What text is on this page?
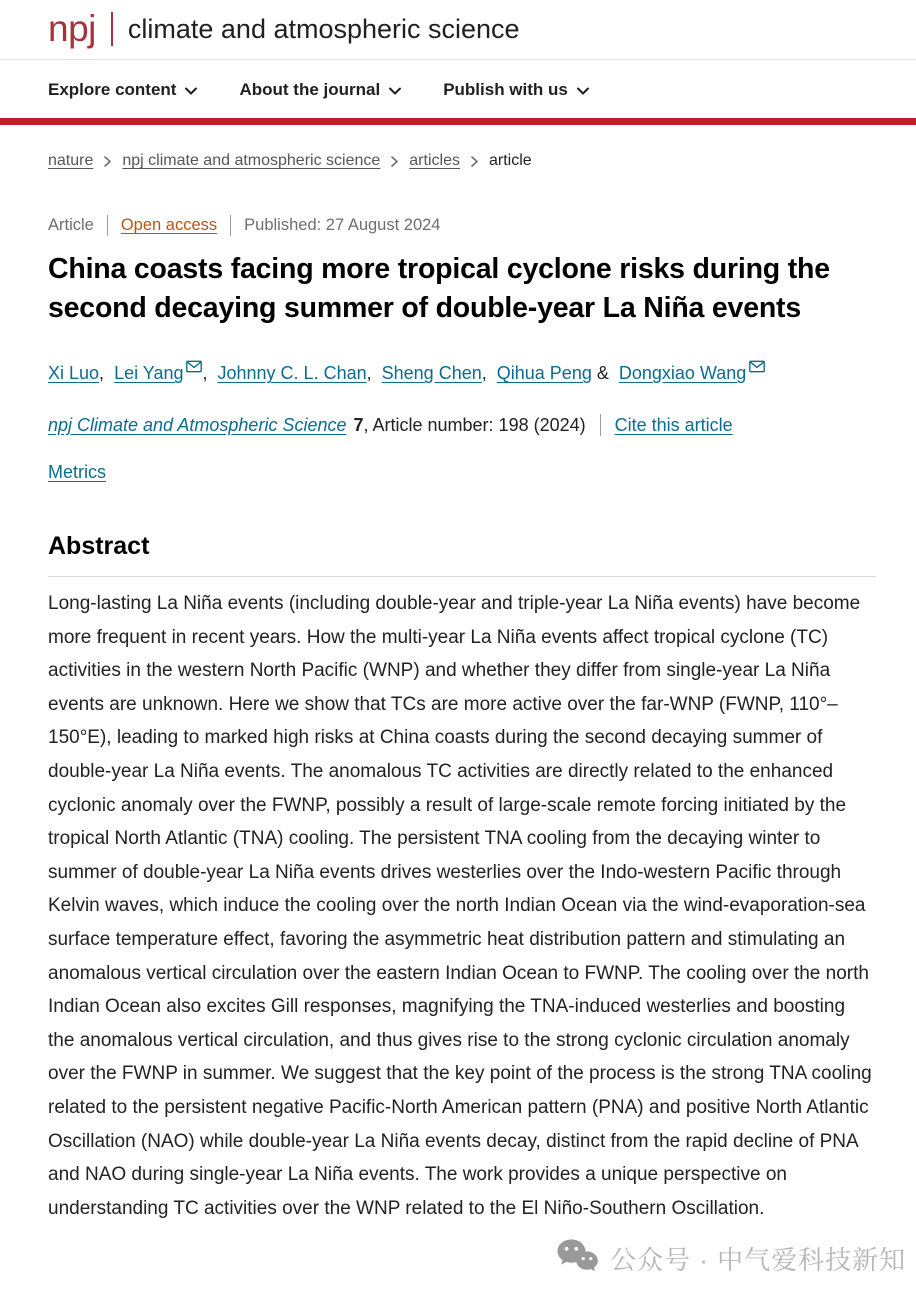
npj climate and atmospheric science
Explore content	About the journal	Publish with us
nature npj climate and atmospheric science articles article
Article Open access Published: 27 August 2024
China coasts facing more tropical cyclone risks during the second decaying summer of double-year La Niña events

Xi Luo, Lei Yang , Johnny C. L. Chan, Sheng Chen, Qihua Peng & Dongxiao Wang

npj Climate and Atmospheric Science 7 , Article number: 198 (2024) Cite this article

Metrics

Abstract

Long-lasting La Niña events (including double-year and triple-year La Niña events) have become more frequent in recent years. How the multi-year La Niña events affect tropical cyclone (TC) activities in the western North Pacific (WNP) and whether they differ from single-year La Niña events are unknown. Here we show that TCs are more active over the far-WNP (FWNP, 110°–150°E), leading to marked high risks at China coasts during the second decaying summer of double-year La Niña events. The anomalous TC activities are directly related to the enhanced cyclonic anomaly over the FWNP, possibly a result of large-scale remote forcing initiated by the tropical North Atlantic (TNA) cooling. The persistent TNA cooling from the decaying winter to summer of double-year La Niña events drives westerlies over the Indo-western Pacific through Kelvin waves, which induce the cooling over the north Indian Ocean via the wind-evaporation-sea surface temperature effect, favoring the asymmetric heat distribution pattern and stimulating an anomalous vertical circulation over the eastern Indian Ocean to FWNP. The cooling over the north Indian Ocean also excites Gill responses, magnifying the TNA-induced westerlies and boosting the anomalous vertical circulation, and thus gives rise to the strong cyclonic circulation anomaly over the FWNP in summer. We suggest that the key point of the process is the strong TNA cooling related to the persistent negative Pacific-North American pattern (PNA) and positive North Atlantic Oscillation (NAO) while double-year La Niña events decay, distinct from the rapid decline of PNA and NAO during single-year La Niña events. The work provides a unique perspective on understanding TC activities over the WNP related to the El Niño-Southern Oscillation.

公众号 · 中气爱科技新知
